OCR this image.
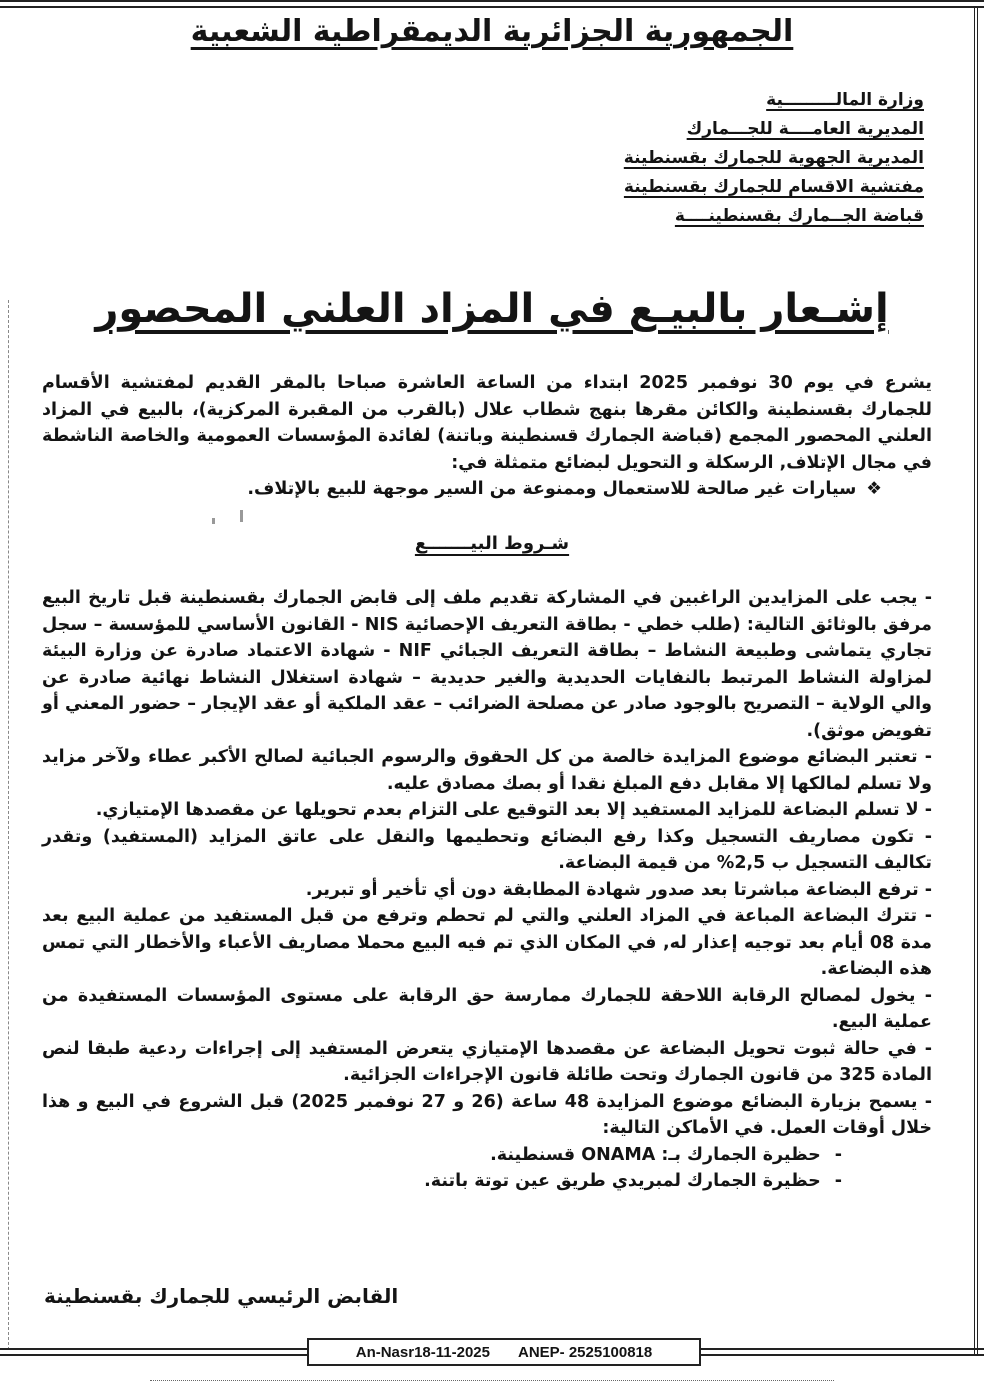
الجمهورية الجزائرية الديمقراطية الشعبية
وزارة المالـــــــــية
المديرية العامــــة للجـــمارك
المديرية الجهوية للجمارك بقسنطينة
مفتشية الاقسام للجمارك بقسنطينة
قباضة الجــمارك بقسنطينــــة
إشـعار بالبيـع في المزاد العلني المحصور
يشرع في يوم 30 نوفمبر 2025 ابتداء من الساعة العاشرة صباحا بالمقر القديم لمفتشية الأقسام للجمارك بقسنطينة والكائن مقرها بنهج شطاب علال (بالقرب من المقبرة المركزية)، بالبيع في المزاد العلني المحصور المجمع (قباضة الجمارك قسنطينة وباتنة) لفائدة المؤسسات العمومية والخاصة الناشطة في مجال الإتلاف, الرسكلة و التحويل لبضائع متمثلة في:
❖سيارات غير صالحة للاستعمال وممنوعة من السير موجهة للبيع بالإتلاف.
شـروط البيـــــــع

- يجب على المزايدين الراغبين في المشاركة تقديم ملف إلى قابض الجمارك بقسنطينة قبل تاريخ البيع مرفق بالوثائق التالية: (طلب خطي - بطاقة التعريف الإحصائية NIS - القانون الأساسي للمؤسسة – سجل تجاري يتماشى وطبيعة النشاط – بطاقة التعريف الجبائي NIF - شهادة الاعتماد صادرة عن وزارة البيئة لمزاولة النشاط المرتبط بالنفايات الحديدية والغير حديدية – شهادة استغلال النشاط نهائية صادرة عن والي الولاية – التصريح بالوجود صادر عن مصلحة الضرائب – عقد الملكية أو عقد الإيجار – حضور المعني أو تفويض موثق).

- تعتبر البضائع موضوع المزايدة خالصة من كل الحقوق والرسوم الجبائية لصالح الأكبر عطاء ولآخر مزايد ولا تسلم لمالكها إلا مقابل دفع المبلغ نقدا أو بصك مصادق عليه.

- لا تسلم البضاعة للمزايد المستفيد إلا بعد التوقيع على التزام بعدم تحويلها عن مقصدها الإمتيازي.

- تكون مصاريف التسجيل وكذا رفع البضائع وتحطيمها والنقل على عاتق المزايد (المستفيد) وتقدر تكاليف التسجيل ب 2,5% من قيمة البضاعة.

- ترفع البضاعة مباشرتا بعد صدور شهادة المطابقة دون أي تأخير أو تبرير.

- تترك البضاعة المباعة في المزاد العلني والتي لم تحطم وترفع من قبل المستفيد من عملية البيع بعد مدة 08 أيام بعد توجيه إعذار له, في المكان الذي تم فيه البيع محملا مصاريف الأعباء والأخطار التي تمس هذه البضاعة.

- يخول لمصالح الرقابة اللاحقة للجمارك ممارسة حق الرقابة على مستوى المؤسسات المستفيدة من عملية البيع.

- في حالة ثبوت تحويل البضاعة عن مقصدها الإمتيازي يتعرض المستفيد إلى إجراءات ردعية طبقا لنص المادة 325 من قانون الجمارك وتحت طائلة قانون الإجراءات الجزائية.

- يسمح بزيارة البضائع موضوع المزايدة 48 ساعة (26 و 27 نوفمبر 2025) قبل الشروع في البيع و هذا خلال أوقات العمل. في الأماكن التالية:

-حظيرة الجمارك بـ: ONAMA قسنطينة.
-حظيرة الجمارك لمبريدي طريق عين توتة باتنة.
القابض الرئيسي للجمارك بقسنطينة
An-Nasr18-11-2025 ANEP- 2525100818
